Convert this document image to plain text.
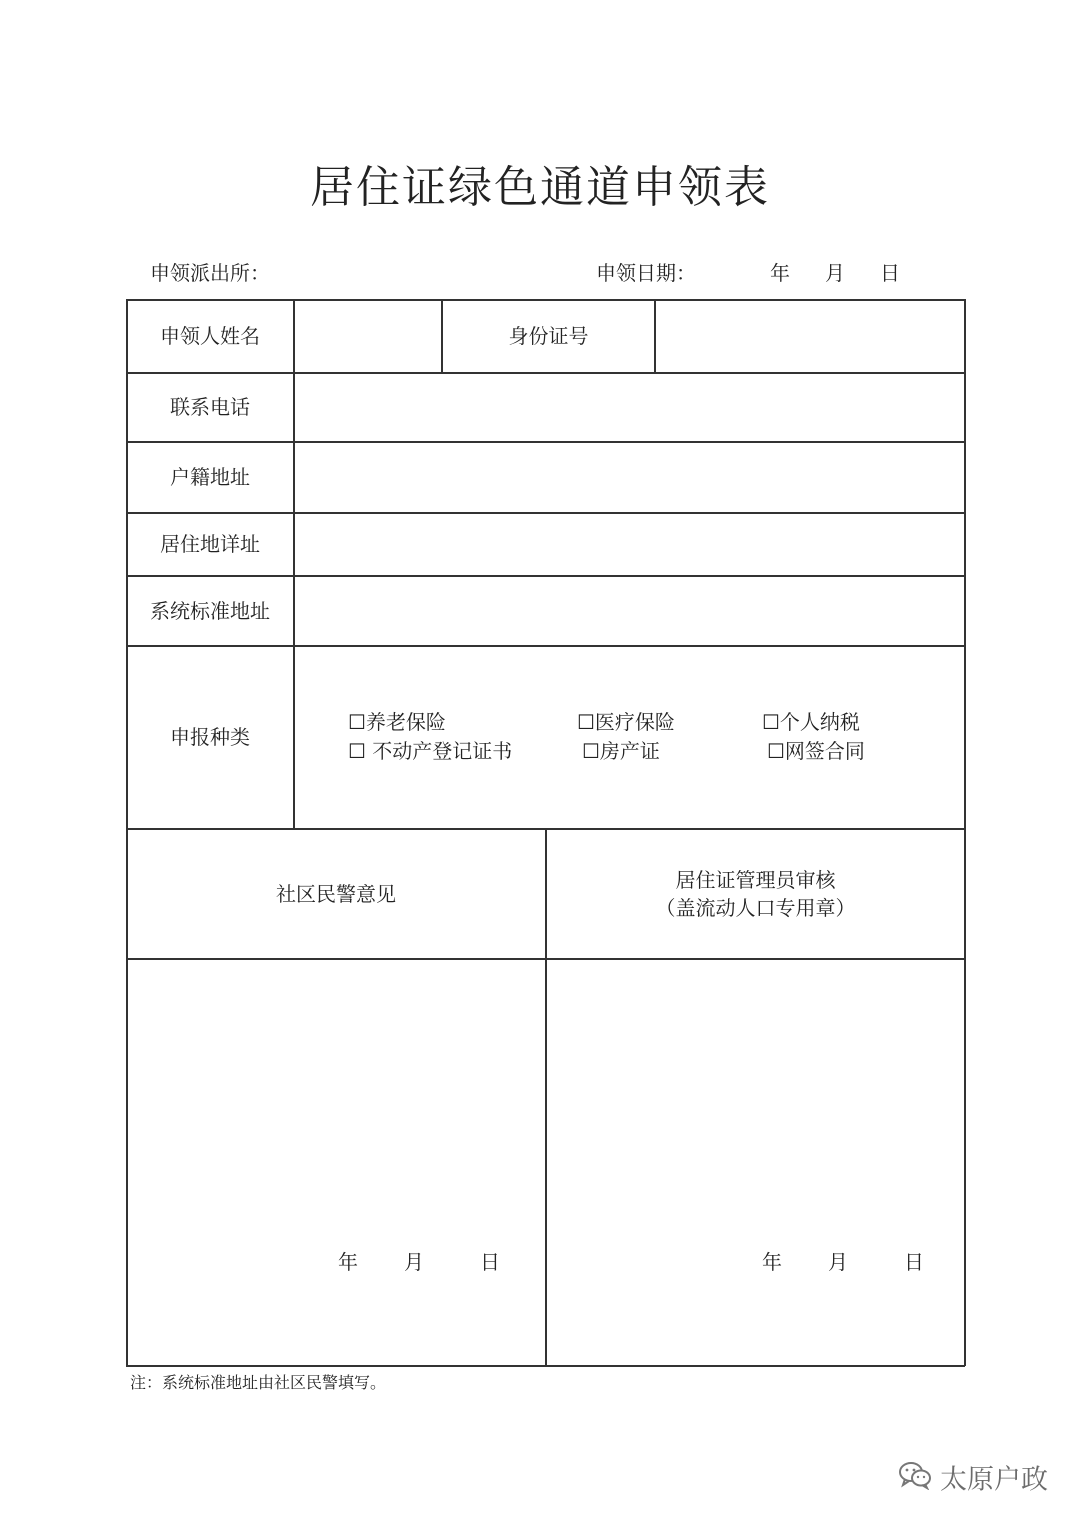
居住证绿色通道申领表
申领派出所：	申领日期：	年 月 日
申领人姓名	身份证号
联系电话
户籍地址
居住地详址
系统标准地址
申报种类
☐养老保险	☐医疗保险	☐个人纳税
☐ 不动产登记证书	☐房产证	☐网签合同
社区民警意见
居住证管理员审核
（盖流动人口专用章）
年 月	日	年 月	日
注：系统标准地址由社区民警填写。
太原户政
